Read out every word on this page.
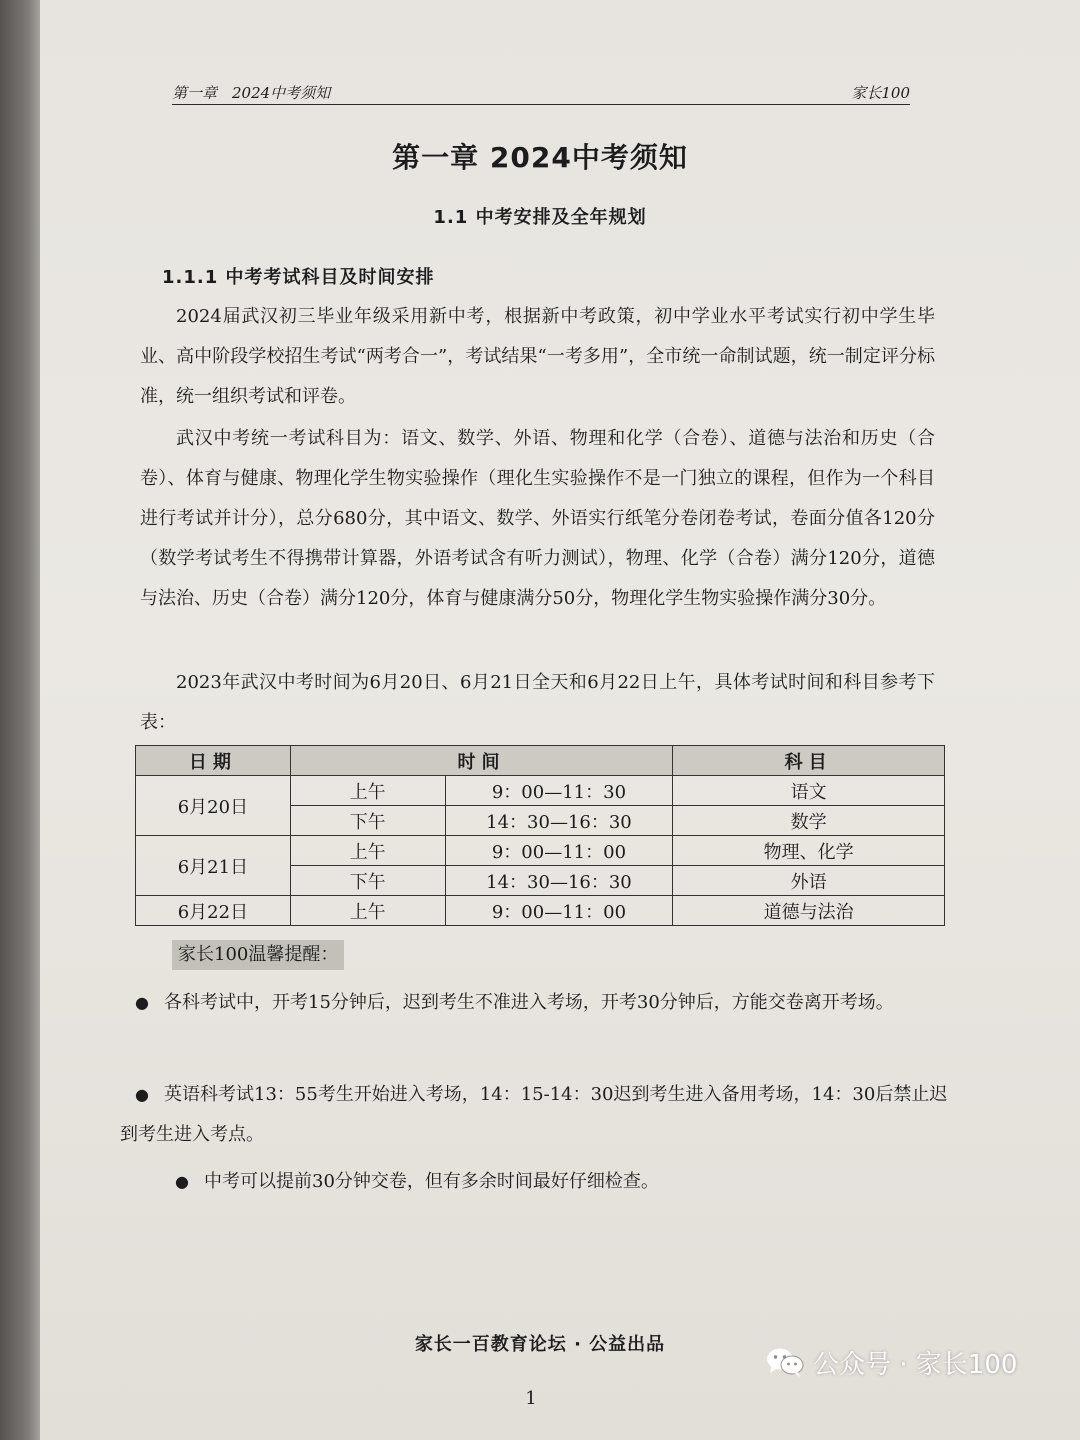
第一章　2024中考须知	家长100
第一章 2024中考须知
1.1 中考安排及全年规划
1.1.1 中考考试科目及时间安排

2024届武汉初三毕业年级采用新中考，根据新中考政策，初中学业水平考试实行初中学生毕业、高中阶段学校招生考试“两考合一”，考试结果“一考多用”，全市统一命制试题，统一制定评分标准，统一组织考试和评卷。

武汉中考统一考试科目为：语文、数学、外语、物理和化学（合卷）、道德与法治和历史（合卷）、体育与健康、物理化学生物实验操作（理化生实验操作不是一门独立的课程，但作为一个科目进行考试并计分），总分680分，其中语文、数学、外语实行纸笔分卷闭卷考试，卷面分值各120分（数学考试考生不得携带计算器，外语考试含有听力测试），物理、化学（合卷）满分120分，道德与法治、历史（合卷）满分120分，体育与健康满分50分，物理化学生物实验操作满分30分。

2023年武汉中考时间为6月20日、6月21日全天和6月22日上午，具体考试时间和科目参考下表：

日期	时间		科目
6月20日	上午	9：00—11：30	语文
	下午	14：30—16：30	数学
6月21日	上午	9：00—11：00	物理、化学
	下午	14：30—16：30	外语
6月22日	上午	9：00—11：00	道德与法治
家长100温馨提醒：

● 各科考试中，开考15分钟后，迟到考生不准进入考场，开考30分钟后，方能交卷离开考场。

● 英语科考试13：55考生开始进入考场，14：15-14：30迟到考生进入备用考场，14：30后禁止迟到考生进入考点。

● 中考可以提前30分钟交卷，但有多余时间最好仔细检查。

家长一百教育论坛 · 公益出品
1
公众号 · 家长100
